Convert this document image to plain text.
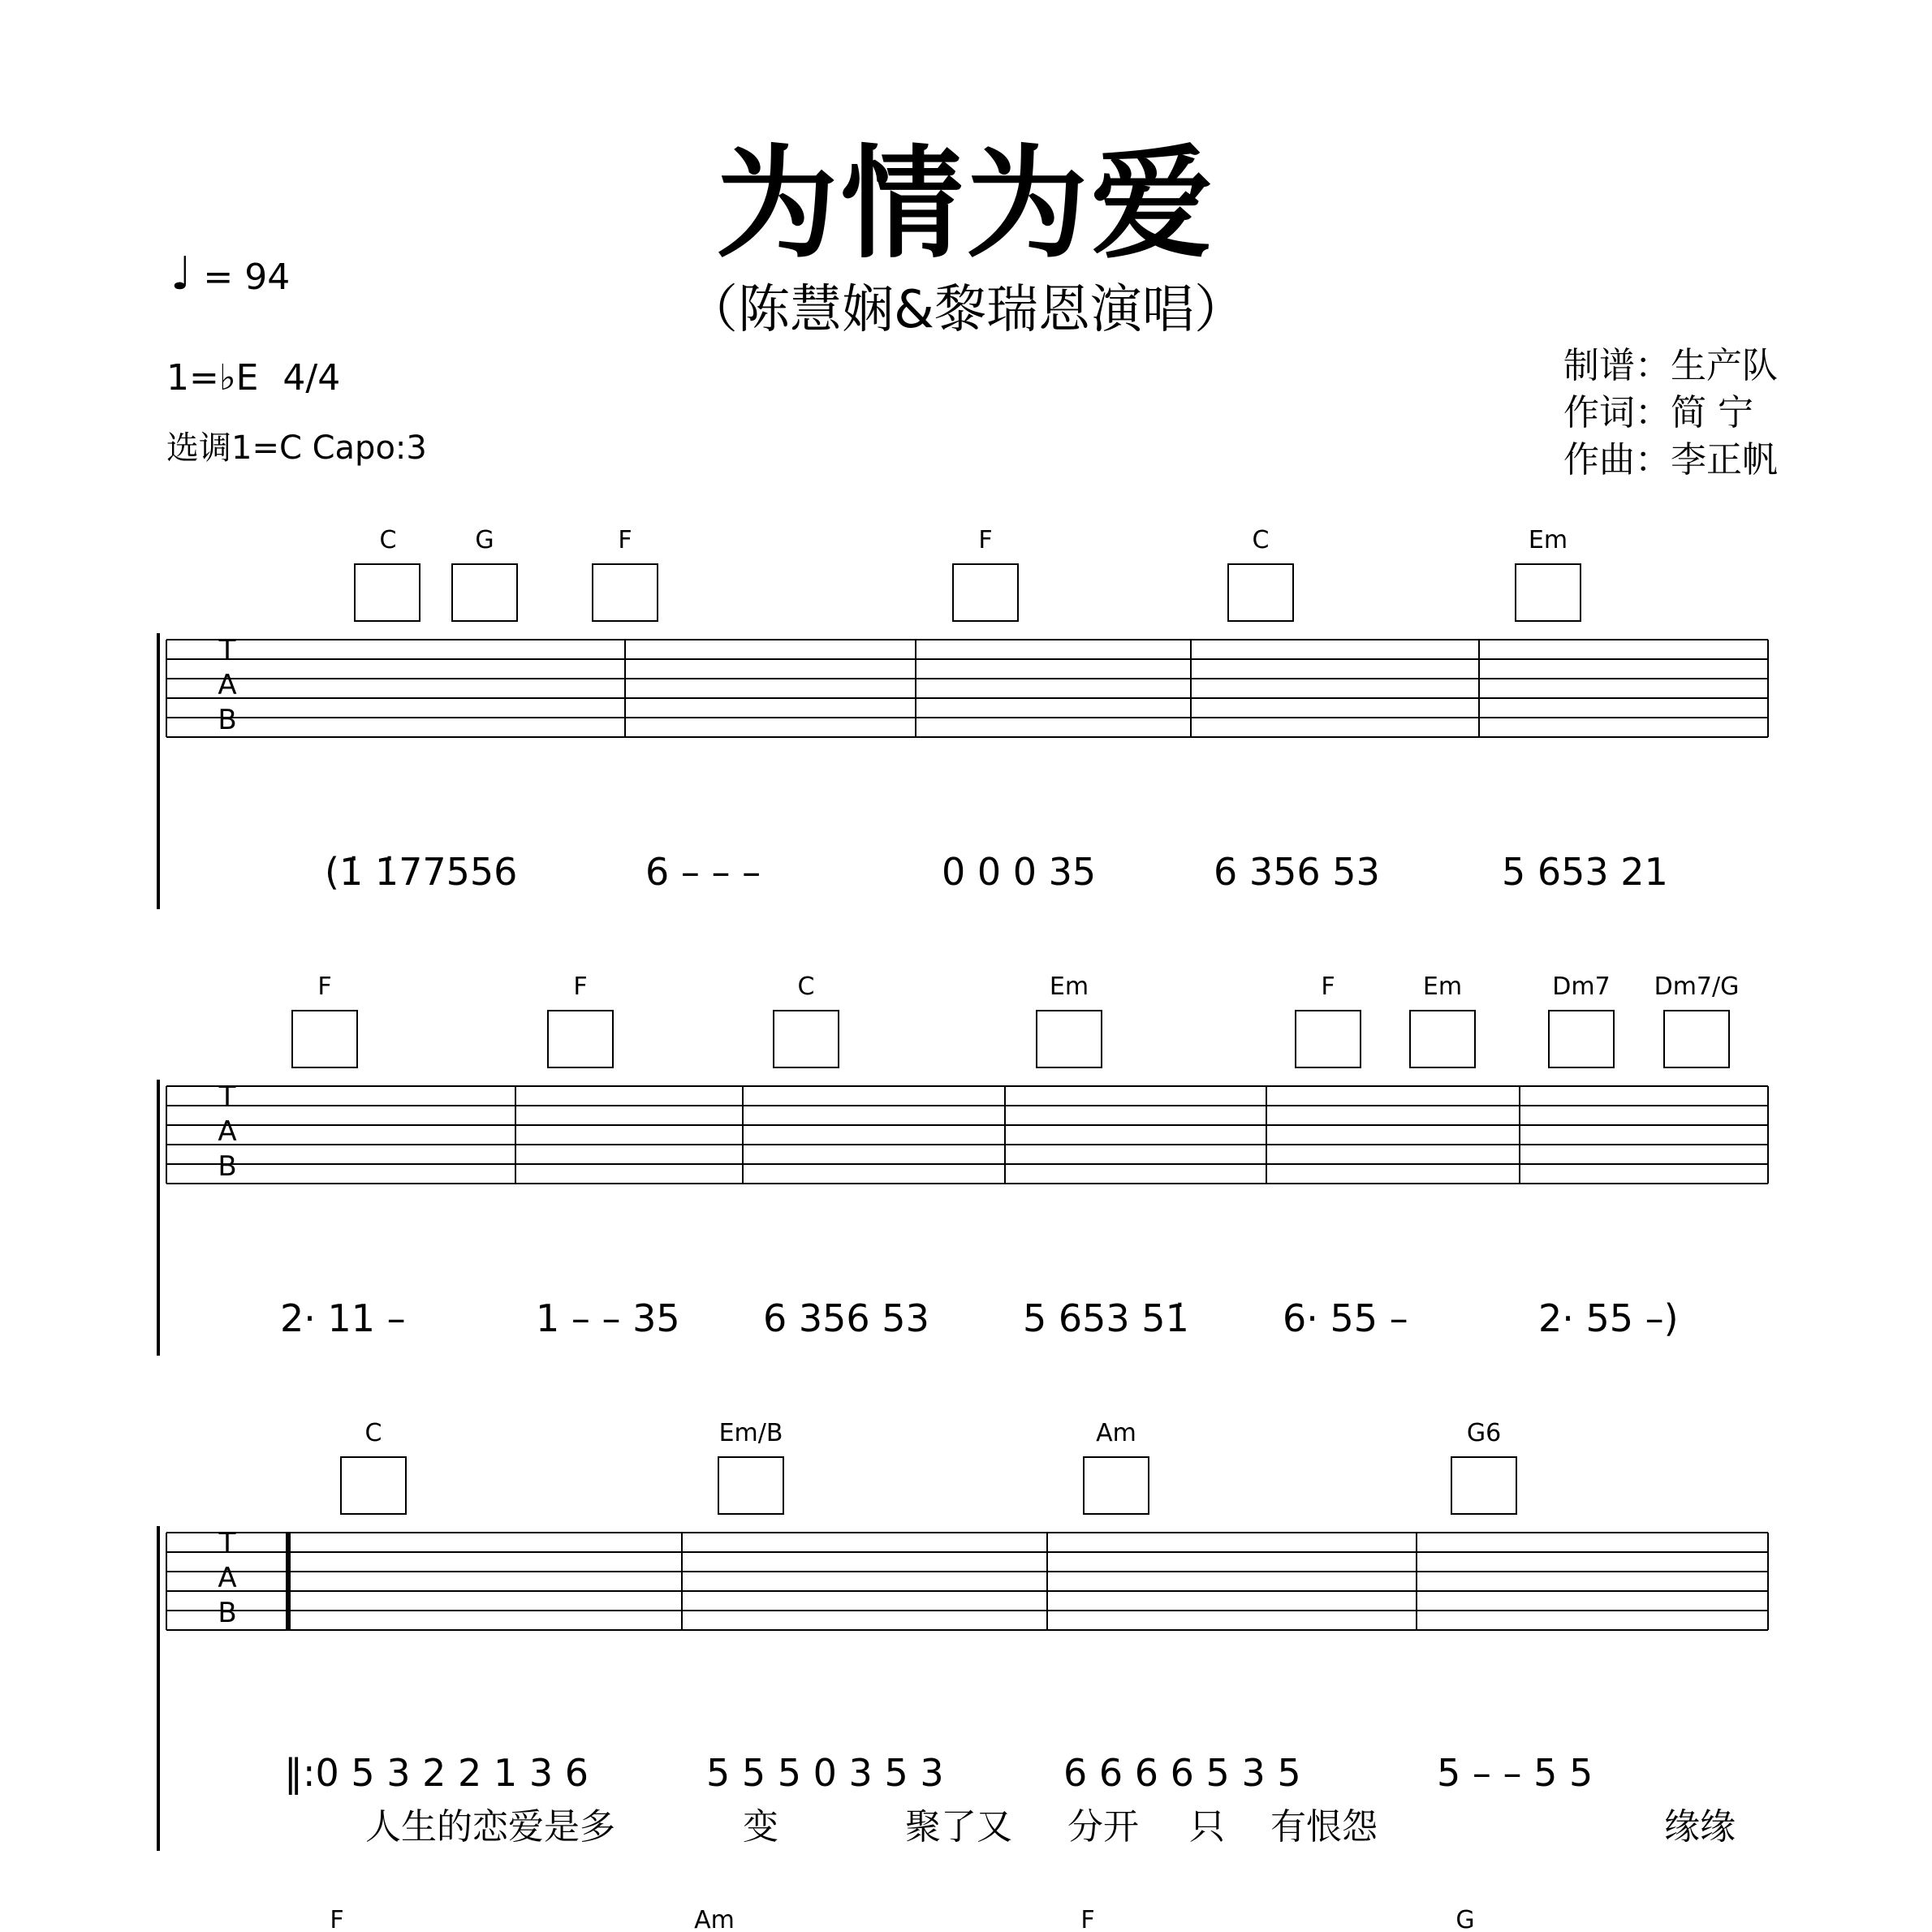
为情为爱
（陈慧娴&黎瑞恩演唱）
♩ = 94
1=♭E 4/4
选调1=C Capo:3
制谱：生产队
作词：简 宁
作曲：李正帆
C	G	F	F	C	Em
T
A
B
(1̇ 1̇77556	6 – – –	0 0 0 35	6 356 53	5 653 21
F	F	C	Em	F	Em	Dm7 Dm7/G
T
A
B
2· 11 –	1 – – 35 6 356 53	5 653 51̇	6· 55 –	2· 55 –)
C	Em/B	Am	G6
T
A
B
‖:0 5 3 2 2 1 3 6	5 5 5 0 3 5 3	6 6 6 6 5 3 5	5 – – 5 5
人生的恋爱是多	变	聚了又 分开 只 有恨怨	缘缘
F	Am	F	G
